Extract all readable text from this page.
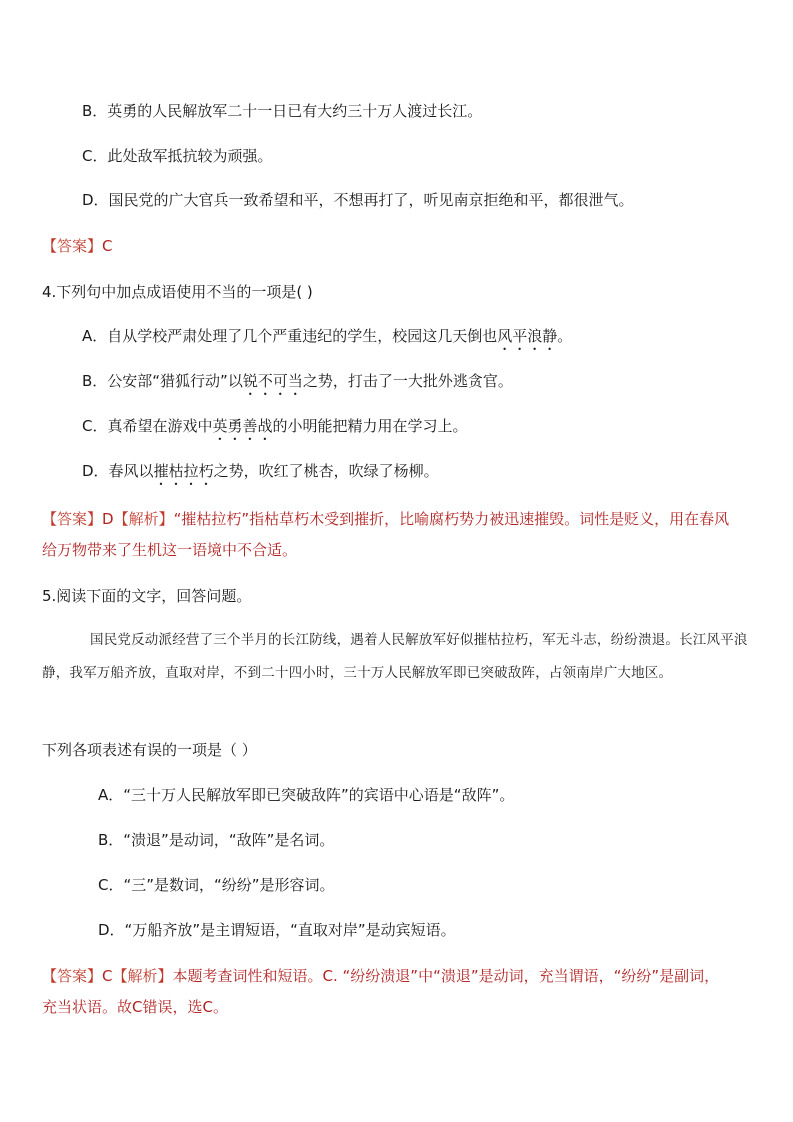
B．英勇的人民解放军二十一日已有大约三十万人渡过长江。
C．此处敌军抵抗较为顽强。
D．国民党的广大官兵一致希望和平，不想再打了，听见南京拒绝和平，都很泄气。
【答案】C
4.下列句中加点成语使用不当的一项是( )
A．自从学校严肃处理了几个严重违纪的学生，校园这几天倒也风平浪静。
B．公安部“猎狐行动”以锐不可当之势，打击了一大批外逃贪官。
C．真希望在游戏中英勇善战的小明能把精力用在学习上。
D．春风以摧枯拉朽之势，吹红了桃杏，吹绿了杨柳。
【答案】D【解析】“摧枯拉朽”指枯草朽木受到摧折，比喻腐朽势力被迅速摧毁。词性是贬义，用在春风
给万物带来了生机这一语境中不合适。
5.阅读下面的文字，回答问题。
国民党反动派经营了三个半月的长江防线，遇着人民解放军好似摧枯拉朽，军无斗志，纷纷溃退。长江风平浪静，我军万船齐放，直取对岸，不到二十四小时，三十万人民解放军即已突破敌阵，占领南岸广大地区。
下列各项表述有误的一项是（ ）
A．“三十万人民解放军即已突破敌阵”的宾语中心语是“敌阵”。
B．“溃退”是动词，“敌阵”是名词。
C．“三”是数词，“纷纷”是形容词。
D．“万船齐放”是主谓短语，“直取对岸”是动宾短语。
【答案】C【解析】本题考查词性和短语。C. “纷纷溃退”中“溃退”是动词，充当谓语，“纷纷”是副词，
充当状语。故C错误，选C。
